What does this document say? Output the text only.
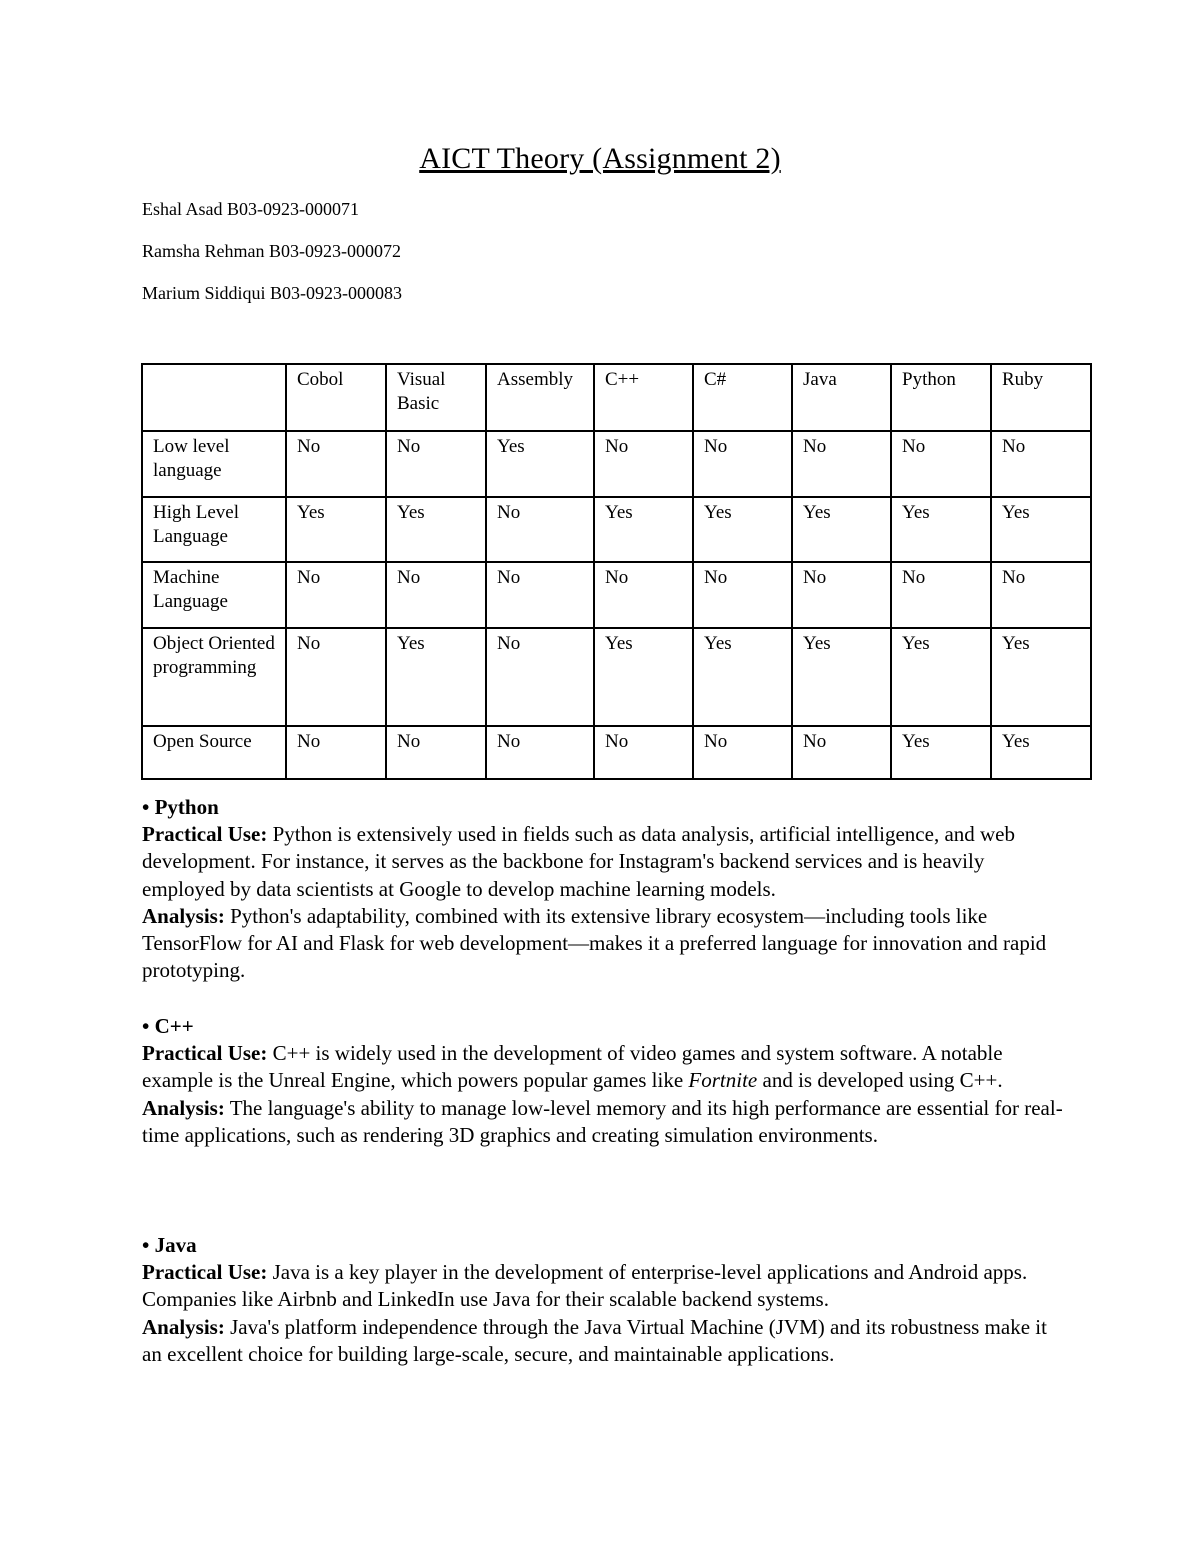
AICT Theory (Assignment 2)
Eshal Asad B03-0923-000071
Ramsha Rehman B03-0923-000072
Marium Siddiqui B03-0923-000083
	Cobol	Visual Basic	Assembly	C++	C#	Java	Python	Ruby
Low level language	No	No	Yes	No	No	No	No	No
High Level Language	Yes	Yes	No	Yes	Yes	Yes	Yes	Yes
Machine Language	No	No	No	No	No	No	No	No
Object Oriented programming	No	Yes	No	Yes	Yes	Yes	Yes	Yes
Open Source	No	No	No	No	No	No	Yes	Yes
• Python
Practical Use: Python is extensively used in fields such as data analysis, artificial intelligence, and web development. For instance, it serves as the backbone for Instagram's backend services and is heavily employed by data scientists at Google to develop machine learning models.
Analysis: Python's adaptability, combined with its extensive library ecosystem—including tools like TensorFlow for AI and Flask for web development—makes it a preferred language for innovation and rapid prototyping.
• C++
Practical Use: C++ is widely used in the development of video games and system software. A notable example is the Unreal Engine, which powers popular games like Fortnite and is developed using C++.
Analysis: The language's ability to manage low-level memory and its high performance are essential for real-time applications, such as rendering 3D graphics and creating simulation environments.
• Java
Practical Use: Java is a key player in the development of enterprise-level applications and Android apps. Companies like Airbnb and LinkedIn use Java for their scalable backend systems.
Analysis: Java's platform independence through the Java Virtual Machine (JVM) and its robustness make it an excellent choice for building large-scale, secure, and maintainable applications.
